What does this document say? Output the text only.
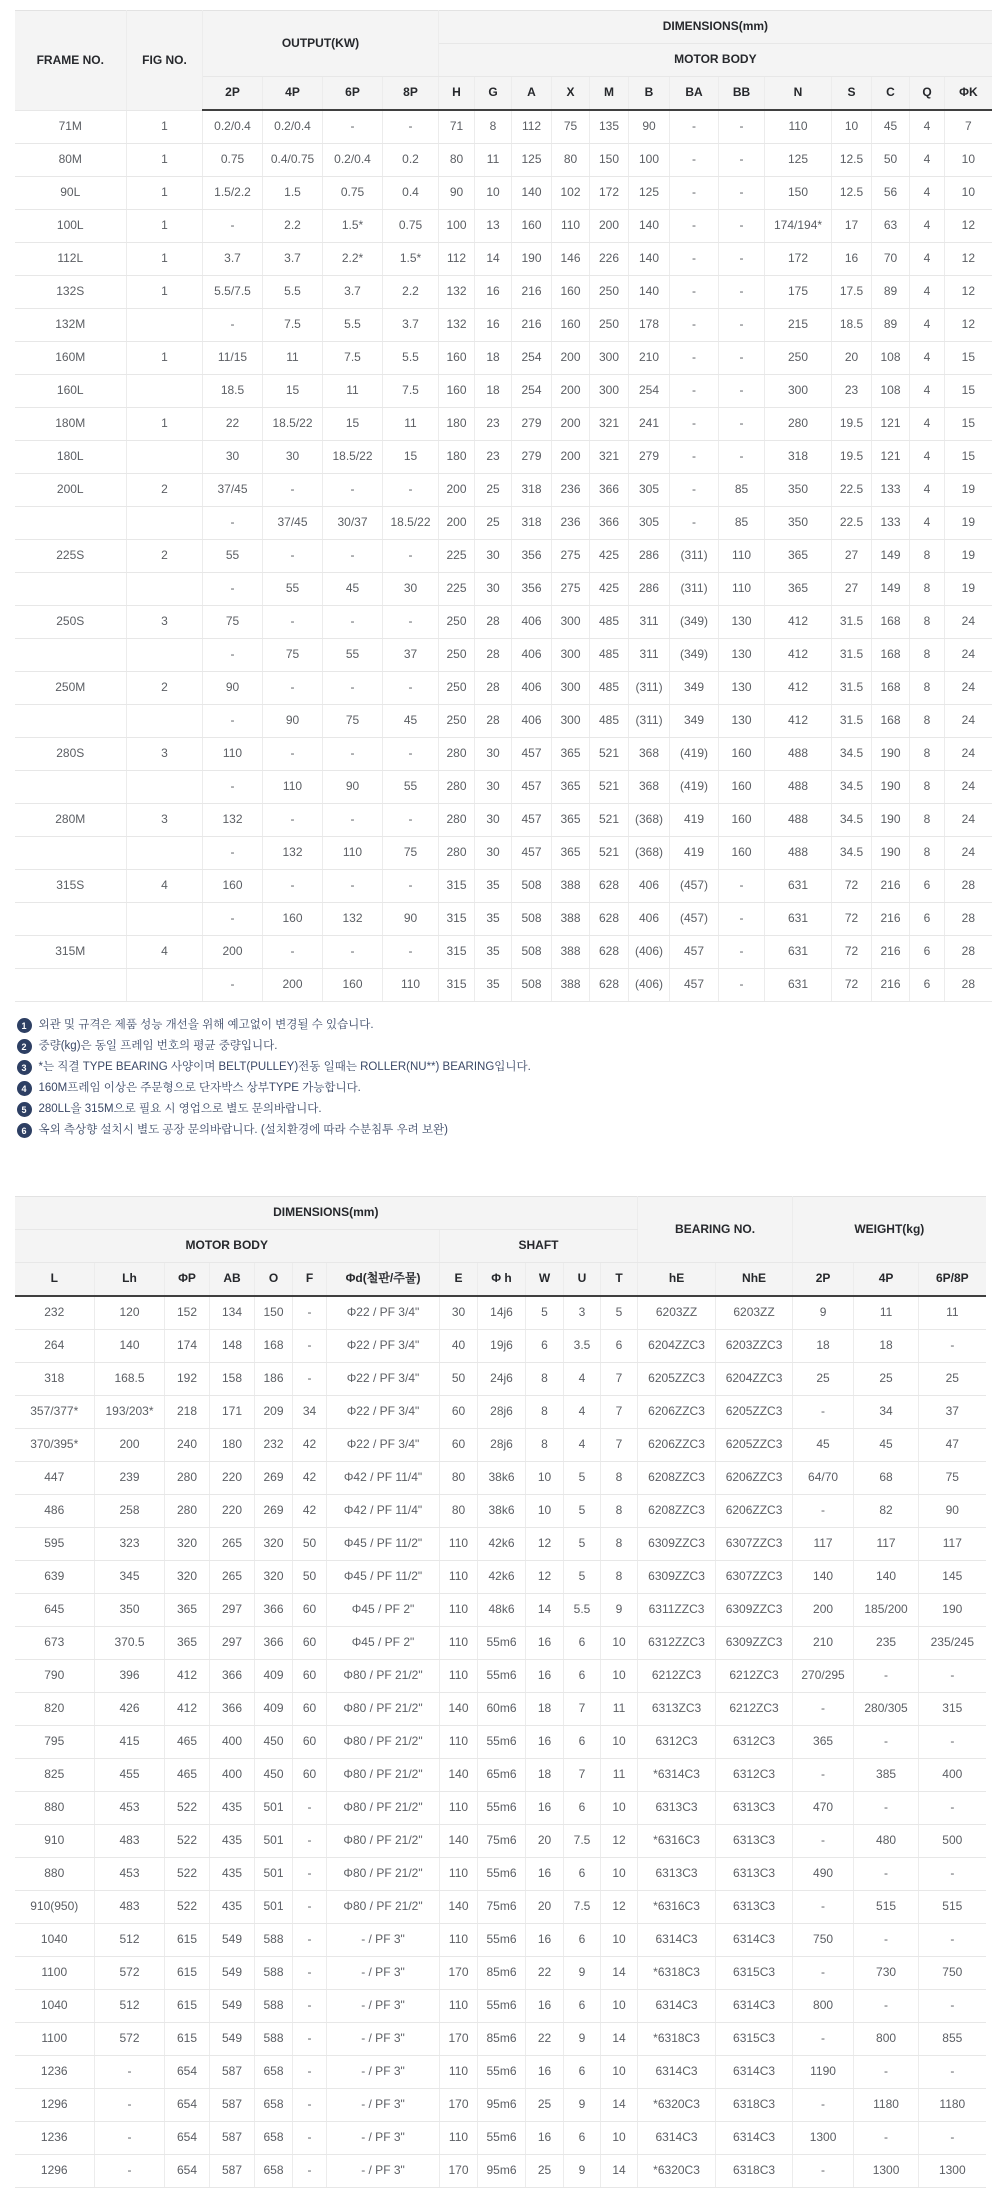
FRAME NO.	FIG NO.	OUTPUT(KW)				DIMENSIONS(mm)												
						MOTOR BODY												
		2P	4P	6P	8P	H	G	A	X	M	B	BA	BB	N	S	C	Q	ΦK
71M	1	0.2/0.4	0.2/0.4	-	-	71	8	112	75	135	90	-	-	110	10	45	4	7
80M	1	0.75	0.4/0.75	0.2/0.4	0.2	80	11	125	80	150	100	-	-	125	12.5	50	4	10
90L	1	1.5/2.2	1.5	0.75	0.4	90	10	140	102	172	125	-	-	150	12.5	56	4	10
100L	1	-	2.2	1.5*	0.75	100	13	160	110	200	140	-	-	174/194*	17	63	4	12
112L	1	3.7	3.7	2.2*	1.5*	112	14	190	146	226	140	-	-	172	16	70	4	12
132S	1	5.5/7.5	5.5	3.7	2.2	132	16	216	160	250	140	-	-	175	17.5	89	4	12
132M		-	7.5	5.5	3.7	132	16	216	160	250	178	-	-	215	18.5	89	4	12
160M	1	11/15	11	7.5	5.5	160	18	254	200	300	210	-	-	250	20	108	4	15
160L		18.5	15	11	7.5	160	18	254	200	300	254	-	-	300	23	108	4	15
180M	1	22	18.5/22	15	11	180	23	279	200	321	241	-	-	280	19.5	121	4	15
180L		30	30	18.5/22	15	180	23	279	200	321	279	-	-	318	19.5	121	4	15
200L	2	37/45	-	-	-	200	25	318	236	366	305	-	85	350	22.5	133	4	19
		-	37/45	30/37	18.5/22	200	25	318	236	366	305	-	85	350	22.5	133	4	19
225S	2	55	-	-	-	225	30	356	275	425	286	(311)	110	365	27	149	8	19
		-	55	45	30	225	30	356	275	425	286	(311)	110	365	27	149	8	19
250S	3	75	-	-	-	250	28	406	300	485	311	(349)	130	412	31.5	168	8	24
		-	75	55	37	250	28	406	300	485	311	(349)	130	412	31.5	168	8	24
250M	2	90	-	-	-	250	28	406	300	485	(311)	349	130	412	31.5	168	8	24
		-	90	75	45	250	28	406	300	485	(311)	349	130	412	31.5	168	8	24
280S	3	110	-	-	-	280	30	457	365	521	368	(419)	160	488	34.5	190	8	24
		-	110	90	55	280	30	457	365	521	368	(419)	160	488	34.5	190	8	24
280M	3	132	-	-	-	280	30	457	365	521	(368)	419	160	488	34.5	190	8	24
		-	132	110	75	280	30	457	365	521	(368)	419	160	488	34.5	190	8	24
315S	4	160	-	-	-	315	35	508	388	628	406	(457)	-	631	72	216	6	28
		-	160	132	90	315	35	508	388	628	406	(457)	-	631	72	216	6	28
315M	4	200	-	-	-	315	35	508	388	628	(406)	457	-	631	72	216	6	28
		-	200	160	110	315	35	508	388	628	(406)	457	-	631	72	216	6	28
1	외관 및 규격은 제품 성능 개선을 위해 예고없이 변경될 수 있습니다.
2	중량(kg)은 동일 프레임 번호의 평균 중량입니다.
3	*는 직결 TYPE BEARING 사양이며 BELT(PULLEY)전동 일때는 ROLLER(NU**) BEARING입니다.
4	160M프레임 이상은 주문형으로 단자박스 상부TYPE 가능합니다.
5	280LL을 315M으로 필요 시 영업으로 별도 문의바랍니다.
6	옥외 측상향 설치시 별도 공장 문의바랍니다. (설치환경에 따라 수분침투 우려 보완)
DIMENSIONS(mm)												BEARING NO.		WEIGHT(kg)		
MOTOR BODY							SHAFT									
L	Lh	ΦP	AB	O	F	Φd(철판/주물)	E	Φ h	W	U	T	hE	NhE	2P	4P	6P/8P
232	120	152	134	150	-	Φ22 / PF 3/4"	30	14j6	5	3	5	6203ZZ	6203ZZ	9	11	11
264	140	174	148	168	-	Φ22 / PF 3/4"	40	19j6	6	3.5	6	6204ZZC3	6203ZZC3	18	18	-
318	168.5	192	158	186	-	Φ22 / PF 3/4"	50	24j6	8	4	7	6205ZZC3	6204ZZC3	25	25	25
357/377*	193/203*	218	171	209	34	Φ22 / PF 3/4"	60	28j6	8	4	7	6206ZZC3	6205ZZC3	-	34	37
370/395*	200	240	180	232	42	Φ22 / PF 3/4"	60	28j6	8	4	7	6206ZZC3	6205ZZC3	45	45	47
447	239	280	220	269	42	Φ42 / PF 11/4"	80	38k6	10	5	8	6208ZZC3	6206ZZC3	64/70	68	75
486	258	280	220	269	42	Φ42 / PF 11/4"	80	38k6	10	5	8	6208ZZC3	6206ZZC3	-	82	90
595	323	320	265	320	50	Φ45 / PF 11/2"	110	42k6	12	5	8	6309ZZC3	6307ZZC3	117	117	117
639	345	320	265	320	50	Φ45 / PF 11/2"	110	42k6	12	5	8	6309ZZC3	6307ZZC3	140	140	145
645	350	365	297	366	60	Φ45 / PF 2"	110	48k6	14	5.5	9	6311ZZC3	6309ZZC3	200	185/200	190
673	370.5	365	297	366	60	Φ45 / PF 2"	110	55m6	16	6	10	6312ZZC3	6309ZZC3	210	235	235/245
790	396	412	366	409	60	Φ80 / PF 21/2"	110	55m6	16	6	10	6212ZC3	6212ZC3	270/295	-	-
820	426	412	366	409	60	Φ80 / PF 21/2"	140	60m6	18	7	11	6313ZC3	6212ZC3	-	280/305	315
795	415	465	400	450	60	Φ80 / PF 21/2"	110	55m6	16	6	10	6312C3	6312C3	365	-	-
825	455	465	400	450	60	Φ80 / PF 21/2"	140	65m6	18	7	11	*6314C3	6312C3	-	385	400
880	453	522	435	501	-	Φ80 / PF 21/2"	110	55m6	16	6	10	6313C3	6313C3	470	-	-
910	483	522	435	501	-	Φ80 / PF 21/2"	140	75m6	20	7.5	12	*6316C3	6313C3	-	480	500
880	453	522	435	501	-	Φ80 / PF 21/2"	110	55m6	16	6	10	6313C3	6313C3	490	-	-
910(950)	483	522	435	501	-	Φ80 / PF 21/2"	140	75m6	20	7.5	12	*6316C3	6313C3	-	515	515
1040	512	615	549	588	-	- / PF 3"	110	55m6	16	6	10	6314C3	6314C3	750	-	-
1100	572	615	549	588	-	- / PF 3"	170	85m6	22	9	14	*6318C3	6315C3	-	730	750
1040	512	615	549	588	-	- / PF 3"	110	55m6	16	6	10	6314C3	6314C3	800	-	-
1100	572	615	549	588	-	- / PF 3"	170	85m6	22	9	14	*6318C3	6315C3	-	800	855
1236	-	654	587	658	-	- / PF 3"	110	55m6	16	6	10	6314C3	6314C3	1190	-	-
1296	-	654	587	658	-	- / PF 3"	170	95m6	25	9	14	*6320C3	6318C3	-	1180	1180
1236	-	654	587	658	-	- / PF 3"	110	55m6	16	6	10	6314C3	6314C3	1300	-	-
1296	-	654	587	658	-	- / PF 3"	170	95m6	25	9	14	*6320C3	6318C3	-	1300	1300
